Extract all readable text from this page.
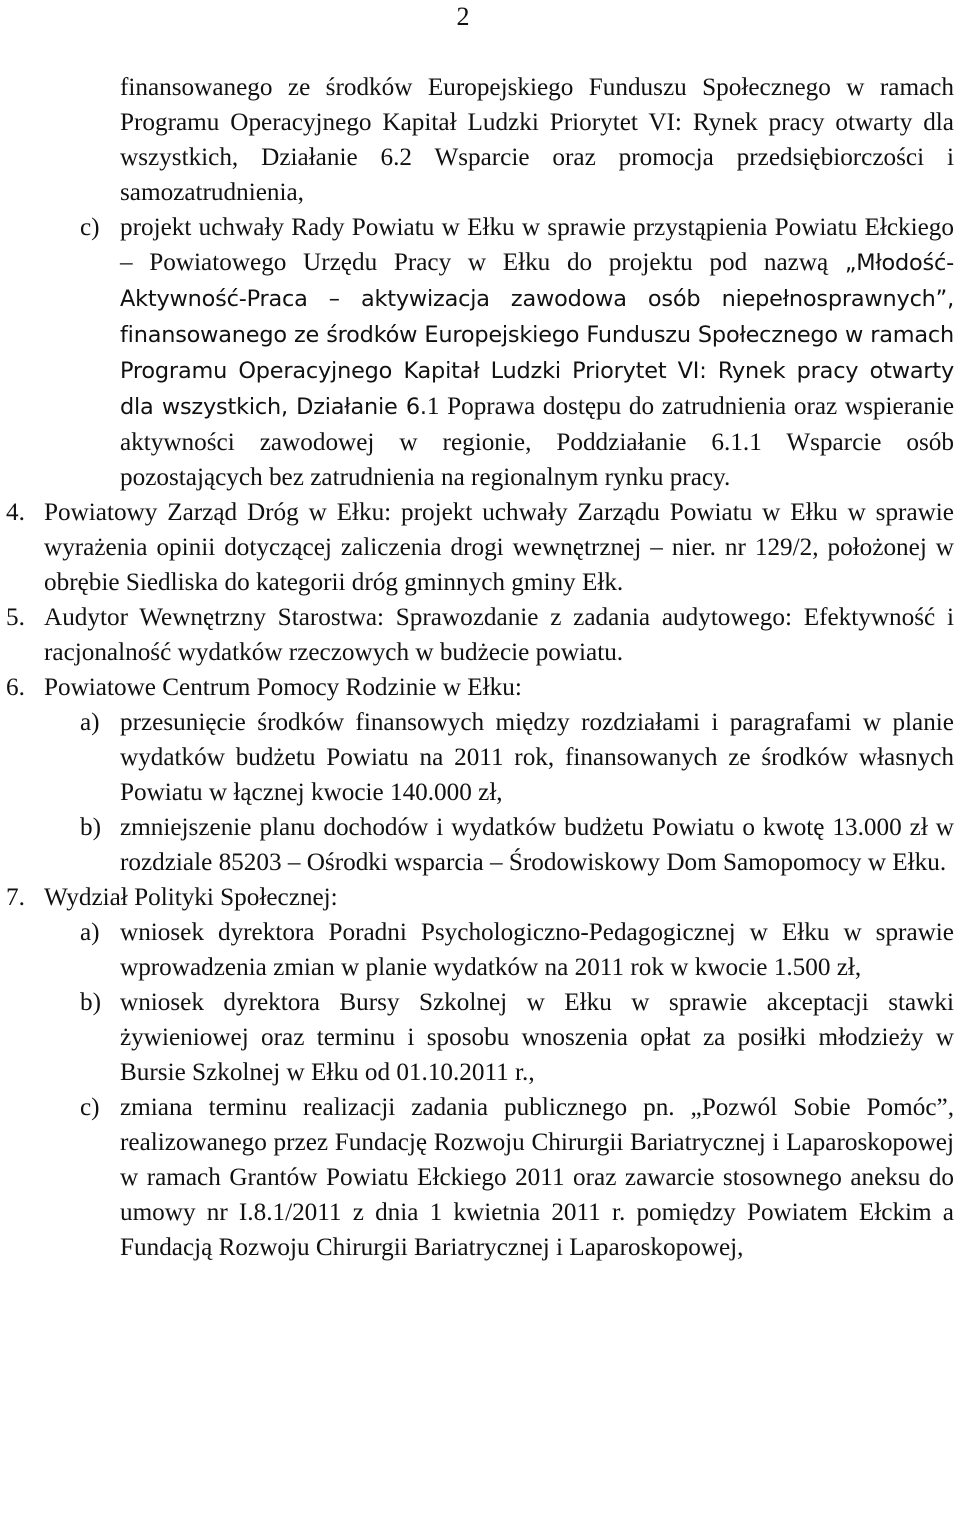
2
finansowanego ze środków Europejskiego Funduszu Społecznego w ramach Programu Operacyjnego Kapitał Ludzki Priorytet VI: Rynek pracy otwarty dla wszystkich, Działanie 6.2 Wsparcie oraz promocja przedsiębiorczości i samozatrudnienia,
c) projekt uchwały Rady Powiatu w Ełku w sprawie przystąpienia Powiatu Ełckiego – Powiatowego Urzędu Pracy w Ełku do projektu pod nazwą „Młodość-Aktywność-Praca – aktywizacja zawodowa osób niepełnosprawnych”, finansowanego ze środków Europejskiego Funduszu Społecznego w ramach Programu Operacyjnego Kapitał Ludzki Priorytet VI: Rynek pracy otwarty dla wszystkich, Działanie 6.1 Poprawa dostępu do zatrudnienia oraz wspieranie aktywności zawodowej w regionie, Poddziałanie 6.1.1 Wsparcie osób pozostających bez zatrudnienia na regionalnym rynku pracy.
4. Powiatowy Zarząd Dróg w Ełku: projekt uchwały Zarządu Powiatu w Ełku w sprawie wyrażenia opinii dotyczącej zaliczenia drogi wewnętrznej – nier. nr 129/2, położonej w obrębie Siedliska do kategorii dróg gminnych gminy Ełk.
5. Audytor Wewnętrzny Starostwa: Sprawozdanie z zadania audytowego: Efektywność i racjonalność wydatków rzeczowych w budżecie powiatu.
6. Powiatowe Centrum Pomocy Rodzinie w Ełku:
a) przesunięcie środków finansowych między rozdziałami i paragrafami w planie wydatków budżetu Powiatu na 2011 rok, finansowanych ze środków własnych Powiatu w łącznej kwocie 140.000 zł,
b) zmniejszenie planu dochodów i wydatków budżetu Powiatu o kwotę 13.000 zł w rozdziale 85203 – Ośrodki wsparcia – Środowiskowy Dom Samopomocy w Ełku.
7. Wydział Polityki Społecznej:
a) wniosek dyrektora Poradni Psychologiczno-Pedagogicznej w Ełku w sprawie wprowadzenia zmian w planie wydatków na 2011 rok w kwocie 1.500 zł,
b) wniosek dyrektora Bursy Szkolnej w Ełku w sprawie akceptacji stawki żywieniowej oraz terminu i sposobu wnoszenia opłat za posiłki młodzieży w Bursie Szkolnej w Ełku od 01.10.2011 r.,
c) zmiana terminu realizacji zadania publicznego pn. „Pozwól Sobie Pomóc”, realizowanego przez Fundację Rozwoju Chirurgii Bariatrycznej i Laparoskopowej w ramach Grantów Powiatu Ełckiego 2011 oraz zawarcie stosownego aneksu do umowy nr I.8.1/2011 z dnia 1 kwietnia 2011 r. pomiędzy Powiatem Ełckim a Fundacją Rozwoju Chirurgii Bariatrycznej i Laparoskopowej,
